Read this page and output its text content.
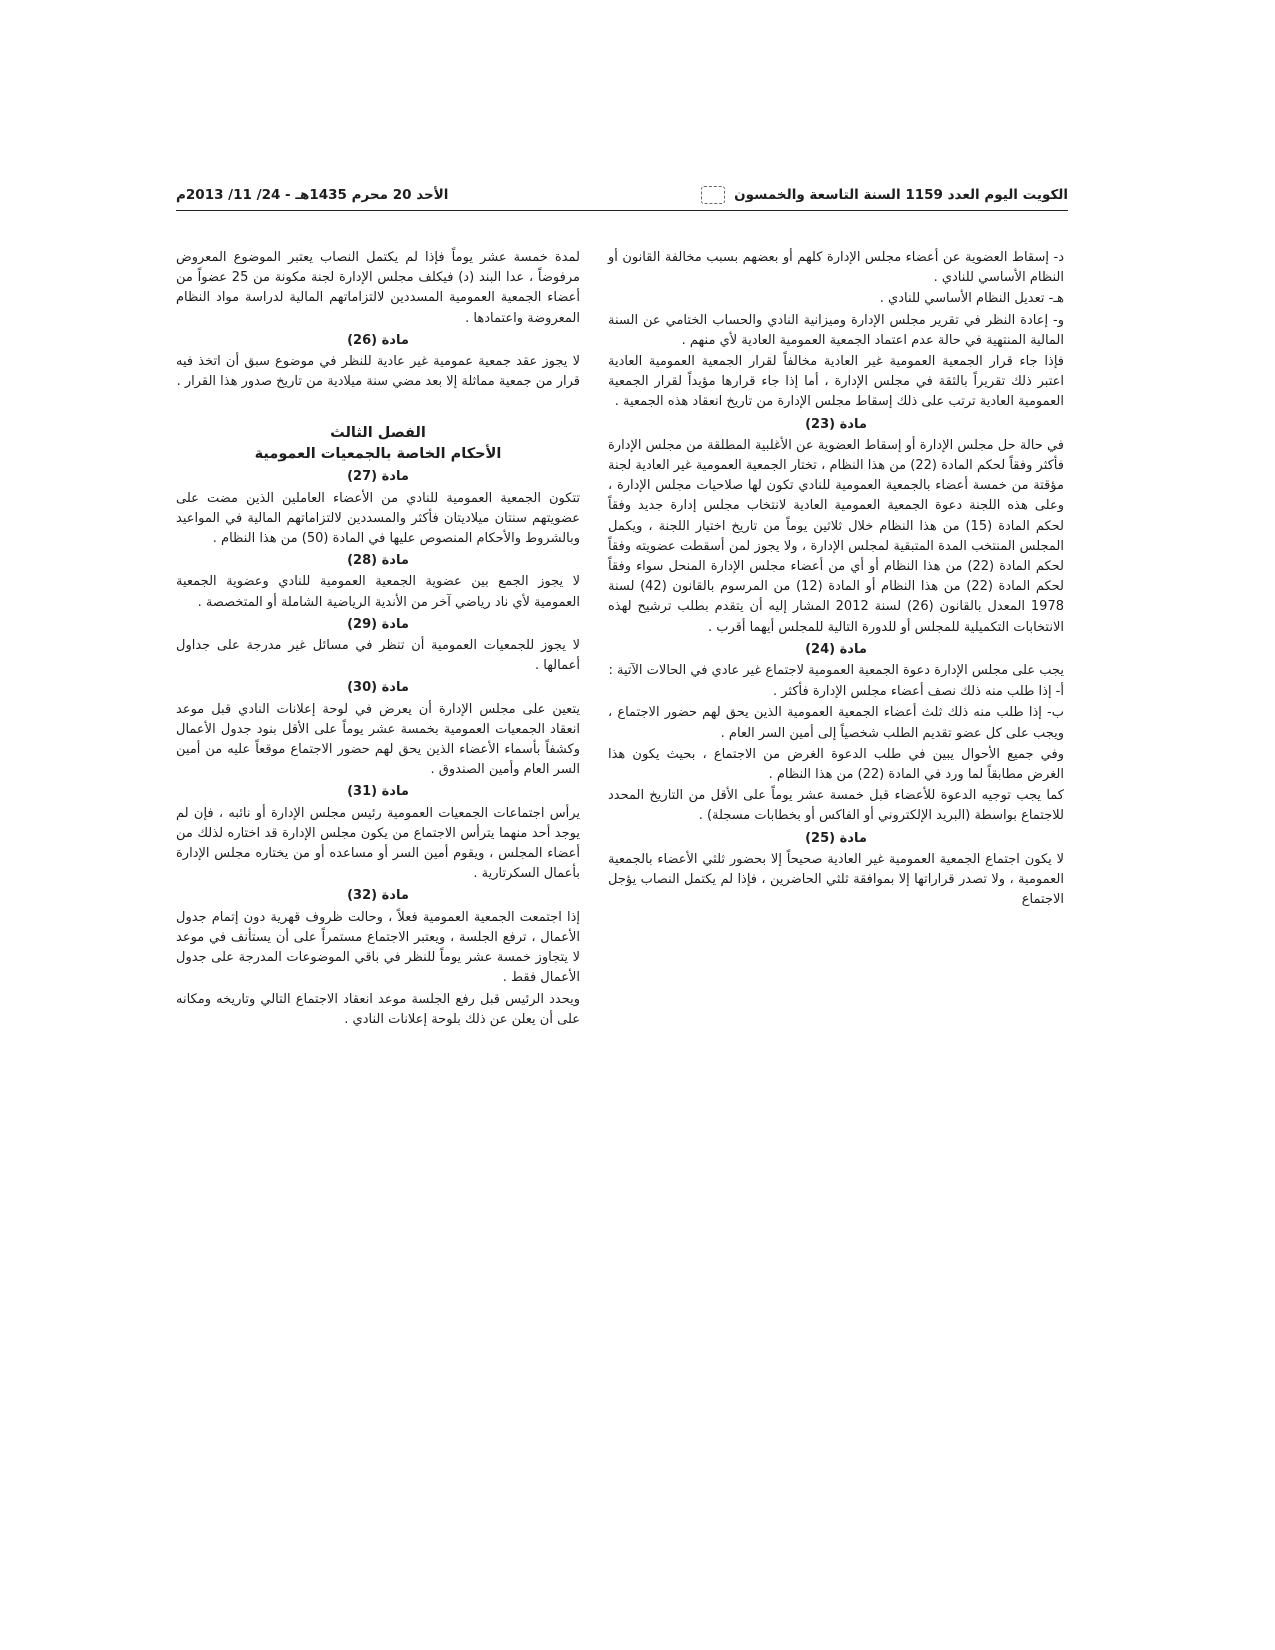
الكويت اليوم العدد 1159 السنة التاسعة والخمسون
الأحد 20 محرم 1435هـ - 24/ 11/ 2013م

د- إسقاط العضوية عن أعضاء مجلس الإدارة كلهم أو بعضهم بسبب مخالفة القانون أو النظام الأساسي للنادي .

هـ- تعديل النظام الأساسي للنادي .

و- إعادة النظر في تقرير مجلس الإدارة وميزانية النادي والحساب الختامي عن السنة المالية المنتهية في حالة عدم اعتماد الجمعية العمومية العادية لأي منهم .

فإذا جاء قرار الجمعية العمومية غير العادية مخالفاً لقرار الجمعية العمومية العادية اعتبر ذلك تقريراً بالثقة في مجلس الإدارة ، أما إذا جاء قرارها مؤيداً لقرار الجمعية العمومية العادية ترتب على ذلك إسقاط مجلس الإدارة من تاريخ انعقاد هذه الجمعية .

مادة (23)

في حالة حل مجلس الإدارة أو إسقاط العضوية عن الأغلبية المطلقة من مجلس الإدارة فأكثر وفقاً لحكم المادة (22) من هذا النظام ، تختار الجمعية العمومية غير العادية لجنة مؤقتة من خمسة أعضاء بالجمعية العمومية للنادي تكون لها صلاحيات مجلس الإدارة ، وعلى هذه اللجنة دعوة الجمعية العمومية العادية لانتخاب مجلس إدارة جديد وفقاً لحكم المادة (15) من هذا النظام خلال ثلاثين يوماً من تاريخ اختيار اللجنة ، ويكمل المجلس المنتخب المدة المتبقية لمجلس الإدارة ، ولا يجوز لمن أسقطت عضويته وفقاً لحكم المادة (22) من هذا النظام أو أي من أعضاء مجلس الإدارة المنحل سواء وفقاً لحكم المادة (22) من هذا النظام أو المادة (12) من المرسوم بالقانون (42) لسنة 1978 المعدل بالقانون (26) لسنة 2012 المشار إليه أن يتقدم بطلب ترشيح لهذه الانتخابات التكميلية للمجلس أو للدورة التالية للمجلس أيهما أقرب .

مادة (24)

يجب على مجلس الإدارة دعوة الجمعية العمومية لاجتماع غير عادي في الحالات الآتية :

أ- إذا طلب منه ذلك نصف أعضاء مجلس الإدارة فأكثر .

ب- إذا طلب منه ذلك ثلث أعضاء الجمعية العمومية الذين يحق لهم حضور الاجتماع ، ويجب على كل عضو تقديم الطلب شخصياً إلى أمين السر العام .

وفي جميع الأحوال يبين في طلب الدعوة الغرض من الاجتماع ، بحيث يكون هذا الغرض مطابقاً لما ورد في المادة (22) من هذا النظام .

كما يجب توجيه الدعوة للأعضاء قبل خمسة عشر يوماً على الأقل من التاريخ المحدد للاجتماع بواسطة (البريد الإلكتروني أو الفاكس أو بخطابات مسجلة) .

مادة (25)

لا يكون اجتماع الجمعية العمومية غير العادية صحيحاً إلا بحضور ثلثي الأعضاء بالجمعية العمومية ، ولا تصدر قراراتها إلا بموافقة ثلثي الحاضرين ، فإذا لم يكتمل النصاب يؤجل الاجتماع

لمدة خمسة عشر يوماً فإذا لم يكتمل النصاب يعتبر الموضوع المعروض مرفوضاً ، عدا البند (د) فيكلف مجلس الإدارة لجنة مكونة من 25 عضواً من أعضاء الجمعية العمومية المسددين لالتزاماتهم المالية لدراسة مواد النظام المعروضة واعتمادها .

مادة (26)

لا يجوز عقد جمعية عمومية غير عادية للنظر في موضوع سبق أن اتخذ فيه قرار من جمعية مماثلة إلا بعد مضي سنة ميلادية من تاريخ صدور هذا القرار .

الفصل الثالث

الأحكام الخاصة بالجمعيات العمومية

مادة (27)

تتكون الجمعية العمومية للنادي من الأعضاء العاملين الذين مضت على عضويتهم سنتان ميلاديتان فأكثر والمسددين لالتزاماتهم المالية في المواعيد وبالشروط والأحكام المنصوص عليها في المادة (50) من هذا النظام .

مادة (28)

لا يجوز الجمع بين عضوية الجمعية العمومية للنادي وعضوية الجمعية العمومية لأي ناد رياضي آخر من الأندية الرياضية الشاملة أو المتخصصة .

مادة (29)

لا يجوز للجمعيات العمومية أن تنظر في مسائل غير مدرجة على جداول أعمالها .

مادة (30)

يتعين على مجلس الإدارة أن يعرض في لوحة إعلانات النادي قبل موعد انعقاد الجمعيات العمومية بخمسة عشر يوماً على الأقل بنود جدول الأعمال وكشفاً بأسماء الأعضاء الذين يحق لهم حضور الاجتماع موقعاً عليه من أمين السر العام وأمين الصندوق .

مادة (31)

يرأس اجتماعات الجمعيات العمومية رئيس مجلس الإدارة أو نائبه ، فإن لم يوجد أحد منهما يترأس الاجتماع من يكون مجلس الإدارة قد اختاره لذلك من أعضاء المجلس ، ويقوم أمين السر أو مساعده أو من يختاره مجلس الإدارة بأعمال السكرتارية .

مادة (32)

إذا اجتمعت الجمعية العمومية فعلاً ، وحالت ظروف قهرية دون إتمام جدول الأعمال ، ترفع الجلسة ، ويعتبر الاجتماع مستمراً على أن يستأنف في موعد لا يتجاوز خمسة عشر يوماً للنظر في باقي الموضوعات المدرجة على جدول الأعمال فقط .

ويحدد الرئيس قبل رفع الجلسة موعد انعقاد الاجتماع التالي وتاريخه ومكانه على أن يعلن عن ذلك بلوحة إعلانات النادي .
